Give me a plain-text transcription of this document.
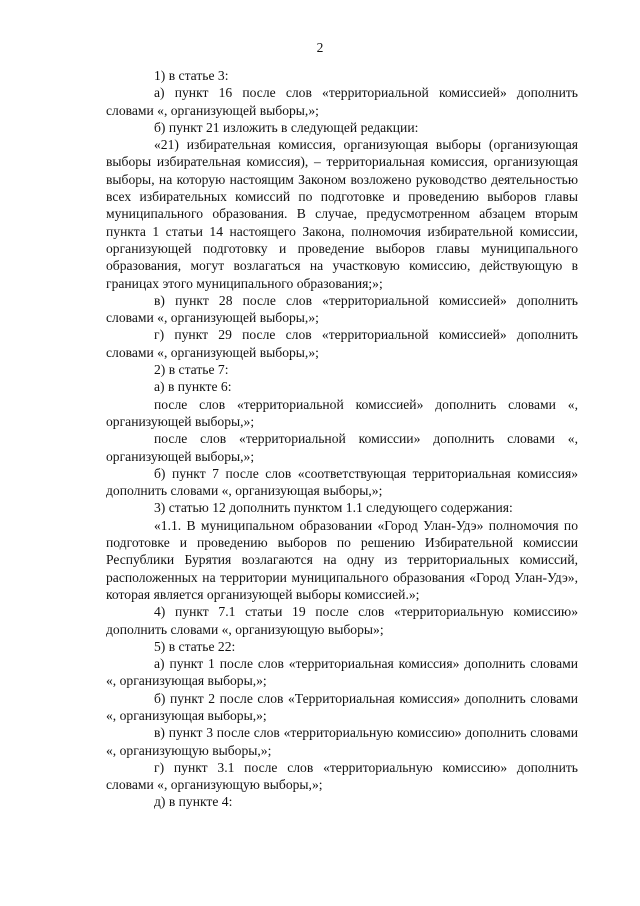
2

1) в статье 3:

а) пункт 16 после слов «территориальной комиссией» дополнить словами «, организующей выборы,»;

б) пункт 21 изложить в следующей редакции:

«21) избирательная комиссия, организующая выборы (организующая выборы избирательная комиссия), – территориальная комиссия, организующая выборы, на которую настоящим Законом возложено руководство деятельностью всех избирательных комиссий по подготовке и проведению выборов главы муниципального образования. В случае, предусмотренном абзацем вторым пункта 1 статьи 14 настоящего Закона, полномочия избирательной комиссии, организующей подготовку и проведение выборов главы муниципального образования, могут возлагаться на участковую комиссию, действующую в границах этого муниципального образования;»;

в) пункт 28 после слов «территориальной комиссией» дополнить словами «, организующей выборы,»;

г) пункт 29 после слов «территориальной комиссией» дополнить словами «, организующей выборы,»;

2) в статье 7:

а) в пункте 6:

после слов «территориальной комиссией» дополнить словами «, организующей выборы,»;

после слов «территориальной комиссии» дополнить словами «, организующей выборы,»;

б) пункт 7 после слов «соответствующая территориальная комиссия» дополнить словами «, организующая выборы,»;

3) статью 12 дополнить пунктом 1.1 следующего содержания:

«1.1. В муниципальном образовании «Город Улан-Удэ» полномочия по подготовке и проведению выборов по решению Избирательной комиссии Республики Бурятия возлагаются на одну из территориальных комиссий, расположенных на территории муниципального образования «Город Улан-Удэ», которая является организующей выборы комиссией.»;

4) пункт 7.1 статьи 19 после слов «территориальную комиссию» дополнить словами «, организующую выборы»;

5) в статье 22:

а) пункт 1 после слов «территориальная комиссия» дополнить словами «, организующая выборы,»;

б) пункт 2 после слов «Территориальная комиссия» дополнить словами «, организующая выборы,»;

в) пункт 3 после слов «территориальную комиссию» дополнить словами «, организующую выборы,»;

г) пункт 3.1 после слов «территориальную комиссию» дополнить словами «, организующую выборы,»;

д) в пункте 4:
